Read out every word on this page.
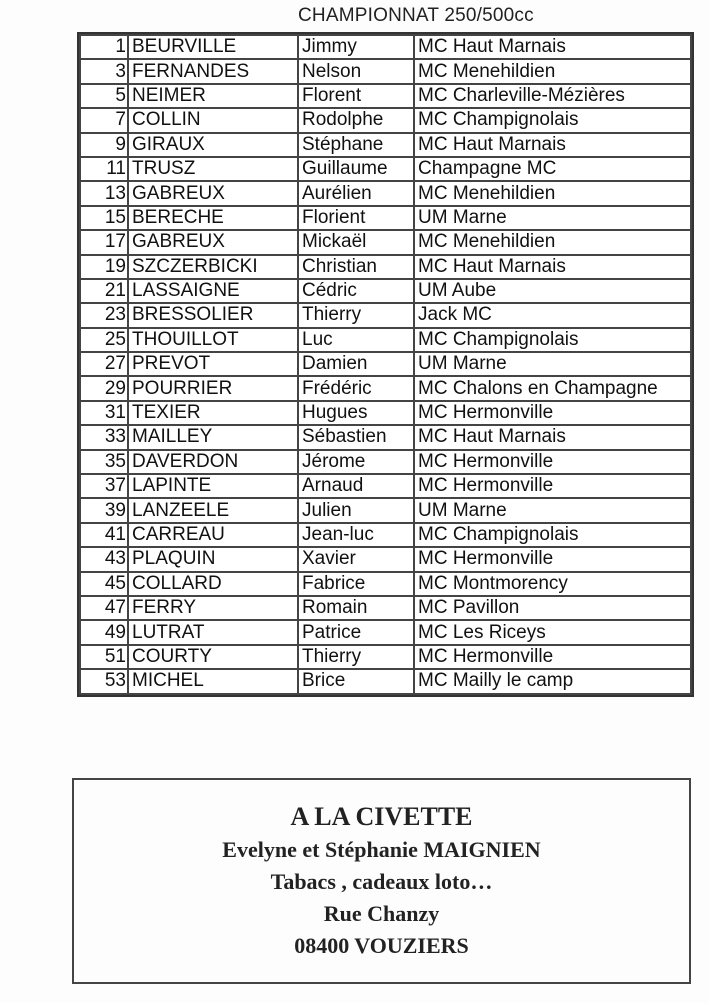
CHAMPIONNAT 250/500cc
1	BEURVILLE	Jimmy	MC Haut Marnais
3	FERNANDES	Nelson	MC Menehildien
5	NEIMER	Florent	MC Charleville-Mézières
7	COLLIN	Rodolphe	MC Champignolais
9	GIRAUX	Stéphane	MC Haut Marnais
11	TRUSZ	Guillaume	Champagne MC
13	GABREUX	Aurélien	MC Menehildien
15	BERECHE	Florient	UM Marne
17	GABREUX	Mickaël	MC Menehildien
19	SZCZERBICKI	Christian	MC Haut Marnais
21	LASSAIGNE	Cédric	UM Aube
23	BRESSOLIER	Thierry	Jack MC
25	THOUILLOT	Luc	MC Champignolais
27	PREVOT	Damien	UM Marne
29	POURRIER	Frédéric	MC Chalons en Champagne
31	TEXIER	Hugues	MC Hermonville
33	MAILLEY	Sébastien	MC Haut Marnais
35	DAVERDON	Jérome	MC Hermonville
37	LAPINTE	Arnaud	MC Hermonville
39	LANZEELE	Julien	UM Marne
41	CARREAU	Jean-luc	MC Champignolais
43	PLAQUIN	Xavier	MC Hermonville
45	COLLARD	Fabrice	MC Montmorency
47	FERRY	Romain	MC Pavillon
49	LUTRAT	Patrice	MC Les Riceys
51	COURTY	Thierry	MC Hermonville
53	MICHEL	Brice	MC Mailly le camp
A LA CIVETTE
Evelyne et Stéphanie MAIGNIEN
Tabacs , cadeaux loto…
Rue Chanzy
08400 VOUZIERS
